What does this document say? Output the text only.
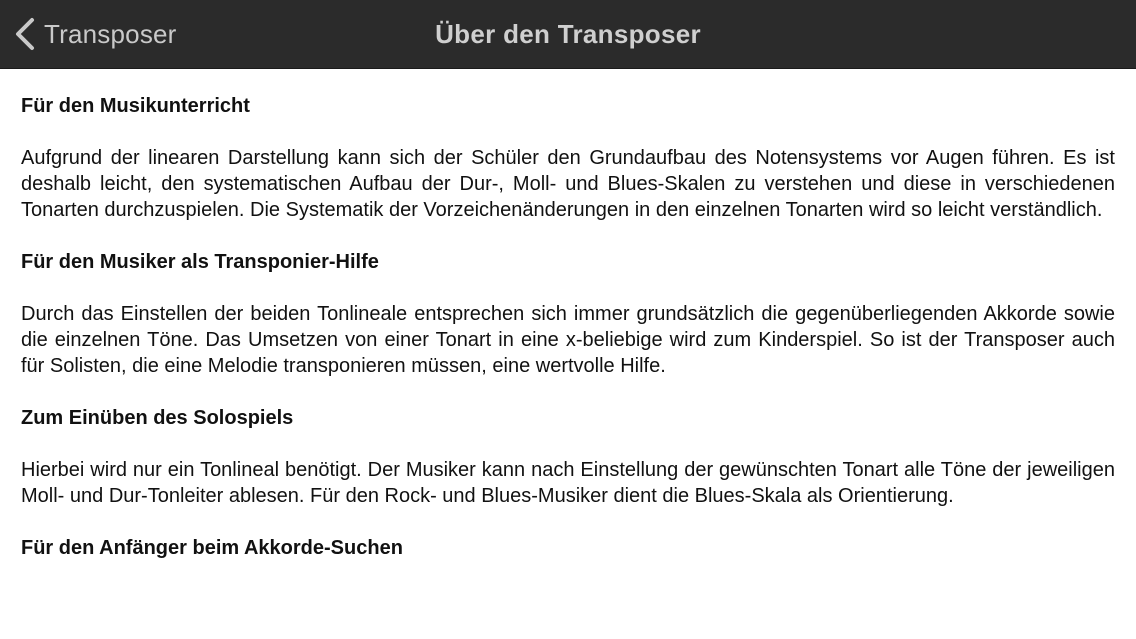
Transposer	Über den Transposer
Für den Musikunterricht

Aufgrund der linearen Darstellung kann sich der Schüler den Grundaufbau des Notensystems vor Augen führen. Es ist deshalb leicht, den systematischen Aufbau der Dur-, Moll- und Blues-Skalen zu verstehen und diese in verschiedenen Tonarten durchzuspielen. Die Systematik der Vorzeichenänderungen in den einzelnen Tonarten wird so leicht verständlich.

Für den Musiker als Transponier-Hilfe

Durch das Einstellen der beiden Tonlineale entsprechen sich immer grundsätzlich die gegenüberliegenden Akkorde sowie die einzelnen Töne. Das Umsetzen von einer Tonart in eine x-beliebige wird zum Kinderspiel. So ist der Transposer auch für Solisten, die eine Melodie transponieren müssen, eine wertvolle Hilfe.

Zum Einüben des Solospiels

Hierbei wird nur ein Tonlineal benötigt. Der Musiker kann nach Einstellung der gewünschten Tonart alle Töne der jeweiligen Moll- und Dur-Tonleiter ablesen. Für den Rock- und Blues-Musiker dient die Blues-Skala als Orientierung.

Für den Anfänger beim Akkorde-Suchen
